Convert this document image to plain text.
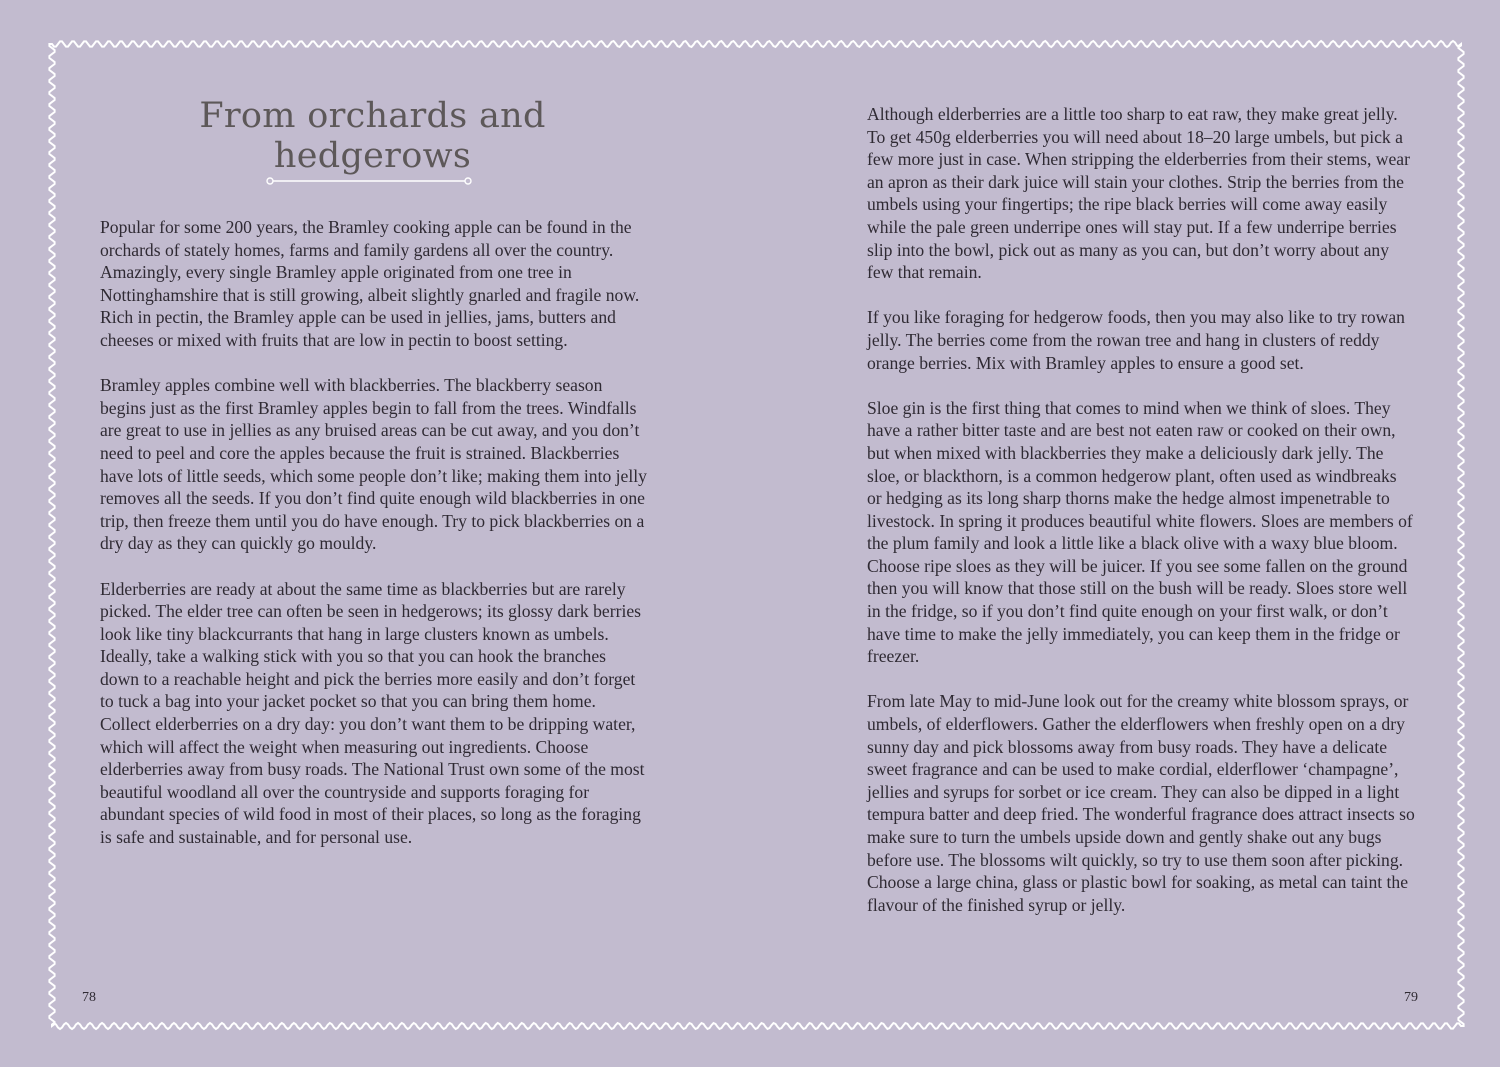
From orchards and hedgerows

Popular for some 200 years, the Bramley cooking apple can be found in the orchards of stately homes, farms and family gardens all over the country. Amazingly, every single Bramley apple originated from one tree in Nottinghamshire that is still growing, albeit slightly gnarled and fragile now. Rich in pectin, the Bramley apple can be used in jellies, jams, butters and cheeses or mixed with fruits that are low in pectin to boost setting.

Bramley apples combine well with blackberries. The blackberry season begins just as the first Bramley apples begin to fall from the trees. Windfalls are great to use in jellies as any bruised areas can be cut away, and you don’t need to peel and core the apples because the fruit is strained. Blackberries have lots of little seeds, which some people don’t like; making them into jelly removes all the seeds. If you don’t find quite enough wild blackberries in one trip, then freeze them until you do have enough. Try to pick blackberries on a dry day as they can quickly go mouldy.

Elderberries are ready at about the same time as blackberries but are rarely picked. The elder tree can often be seen in hedgerows; its glossy dark berries look like tiny blackcurrants that hang in large clusters known as umbels. Ideally, take a walking stick with you so that you can hook the branches down to a reachable height and pick the berries more easily and don’t forget to tuck a bag into your jacket pocket so that you can bring them home. Collect elderberries on a dry day: you don’t want them to be dripping water, which will affect the weight when measuring out ingredients. Choose elderberries away from busy roads. The National Trust own some of the most beautiful woodland all over the countryside and supports foraging for abundant species of wild food in most of their places, so long as the foraging is safe and sustainable, and for personal use.

Although elderberries are a little too sharp to eat raw, they make great jelly. To get 450g elderberries you will need about 18–20 large umbels, but pick a few more just in case. When stripping the elderberries from their stems, wear an apron as their dark juice will stain your clothes. Strip the berries from the umbels using your fingertips; the ripe black berries will come away easily while the pale green underripe ones will stay put. If a few underripe berries slip into the bowl, pick out as many as you can, but don’t worry about any few that remain.

If you like foraging for hedgerow foods, then you may also like to try rowan jelly. The berries come from the rowan tree and hang in clusters of reddy orange berries. Mix with Bramley apples to ensure a good set.

Sloe gin is the first thing that comes to mind when we think of sloes. They have a rather bitter taste and are best not eaten raw or cooked on their own, but when mixed with blackberries they make a deliciously dark jelly. The sloe, or blackthorn, is a common hedgerow plant, often used as windbreaks or hedging as its long sharp thorns make the hedge almost impenetrable to livestock. In spring it produces beautiful white flowers. Sloes are members of the plum family and look a little like a black olive with a waxy blue bloom. Choose ripe sloes as they will be juicer. If you see some fallen on the ground then you will know that those still on the bush will be ready. Sloes store well in the fridge, so if you don’t find quite enough on your first walk, or don’t have time to make the jelly immediately, you can keep them in the fridge or freezer.

From late May to mid-June look out for the creamy white blossom sprays, or umbels, of elderflowers. Gather the elderflowers when freshly open on a dry sunny day and pick blossoms away from busy roads. They have a delicate sweet fragrance and can be used to make cordial, elderflower ‘champagne’, jellies and syrups for sorbet or ice cream. They can also be dipped in a light tempura batter and deep fried. The wonderful fragrance does attract insects so make sure to turn the umbels upside down and gently shake out any bugs before use. The blossoms wilt quickly, so try to use them soon after picking. Choose a large china, glass or plastic bowl for soaking, as metal can taint the flavour of the finished syrup or jelly.

78	79
